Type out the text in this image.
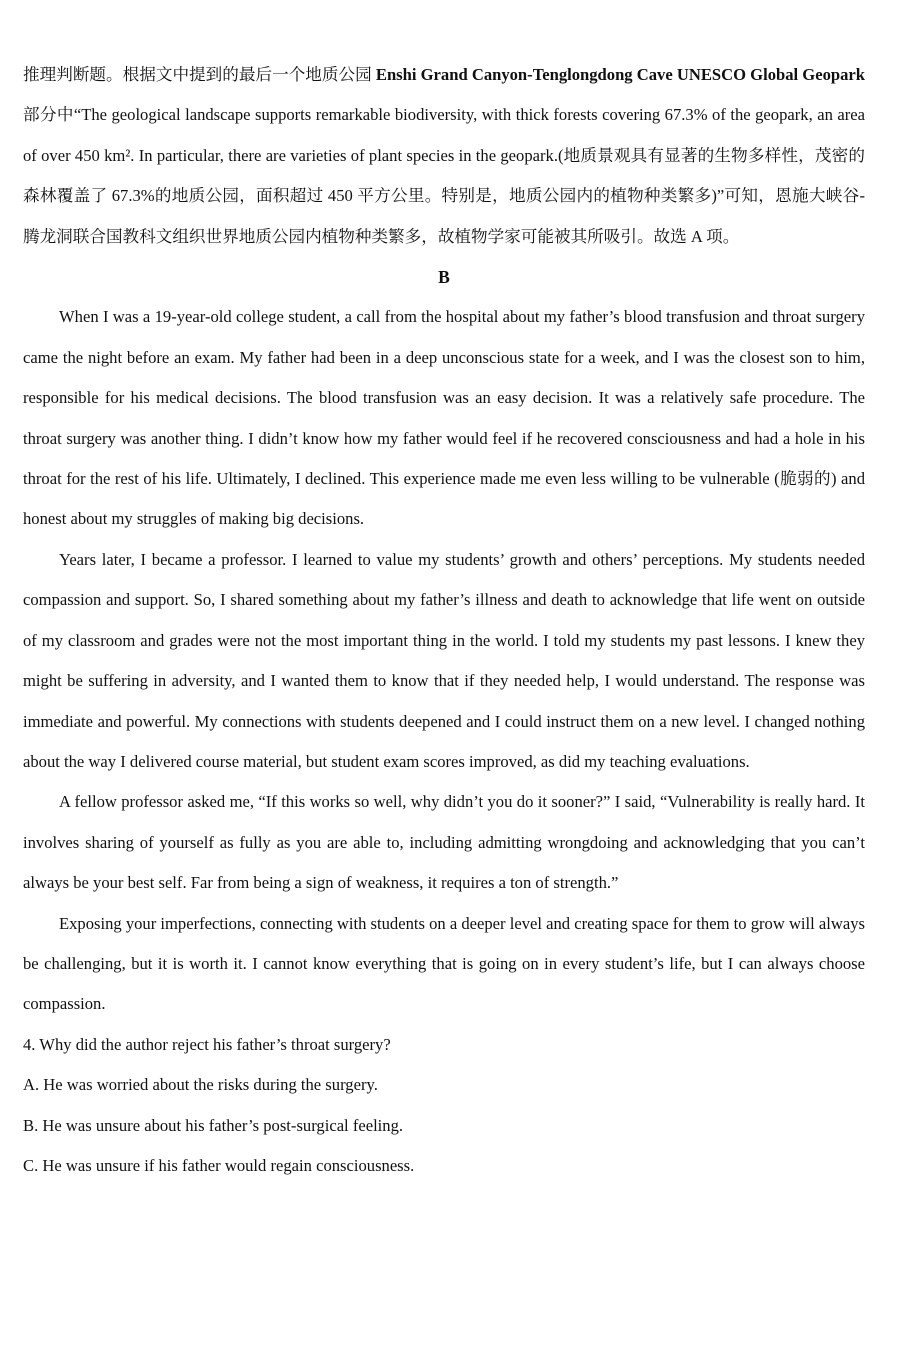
推理判断题。根据文中提到的最后一个地质公园 Enshi Grand Canyon-Tenglongdong Cave UNESCO Global Geopark 部分中“The geological landscape supports remarkable biodiversity, with thick forests covering 67.3% of the geopark, an area of over 450 km². In particular, there are varieties of plant species in the geopark.(地质景观具有显著的生物多样性，茂密的森林覆盖了 67.3%的地质公园，面积超过 450 平方公里。特别是，地质公园内的植物种类繁多)”可知，恩施大峡谷-腾龙洞联合国教科文组织世界地质公园内植物种类繁多，故植物学家可能被其所吸引。故选 A 项。

B

When I was a 19-year-old college student, a call from the hospital about my father’s blood transfusion and throat surgery came the night before an exam. My father had been in a deep unconscious state for a week, and I was the closest son to him, responsible for his medical decisions. The blood transfusion was an easy decision. It was a relatively safe procedure. The throat surgery was another thing. I didn’t know how my father would feel if he recovered consciousness and had a hole in his throat for the rest of his life. Ultimately, I declined. This experience made me even less willing to be vulnerable (脆弱的) and honest about my struggles of making big decisions.

Years later, I became a professor. I learned to value my students’ growth and others’ perceptions. My students needed compassion and support. So, I shared something about my father’s illness and death to acknowledge that life went on outside of my classroom and grades were not the most important thing in the world. I told my students my past lessons. I knew they might be suffering in adversity, and I wanted them to know that if they needed help, I would understand. The response was immediate and powerful. My connections with students deepened and I could instruct them on a new level. I changed nothing about the way I delivered course material, but student exam scores improved, as did my teaching evaluations.

A fellow professor asked me, “If this works so well, why didn’t you do it sooner?” I said, “Vulnerability is really hard. It involves sharing of yourself as fully as you are able to, including admitting wrongdoing and acknowledging that you can’t always be your best self. Far from being a sign of weakness, it requires a ton of strength.”

Exposing your imperfections, connecting with students on a deeper level and creating space for them to grow will always be challenging, but it is worth it. I cannot know everything that is going on in every student’s life, but I can always choose compassion.

4. Why did the author reject his father’s throat surgery?

A. He was worried about the risks during the surgery.

B. He was unsure about his father’s post-surgical feeling.

C. He was unsure if his father would regain consciousness.
